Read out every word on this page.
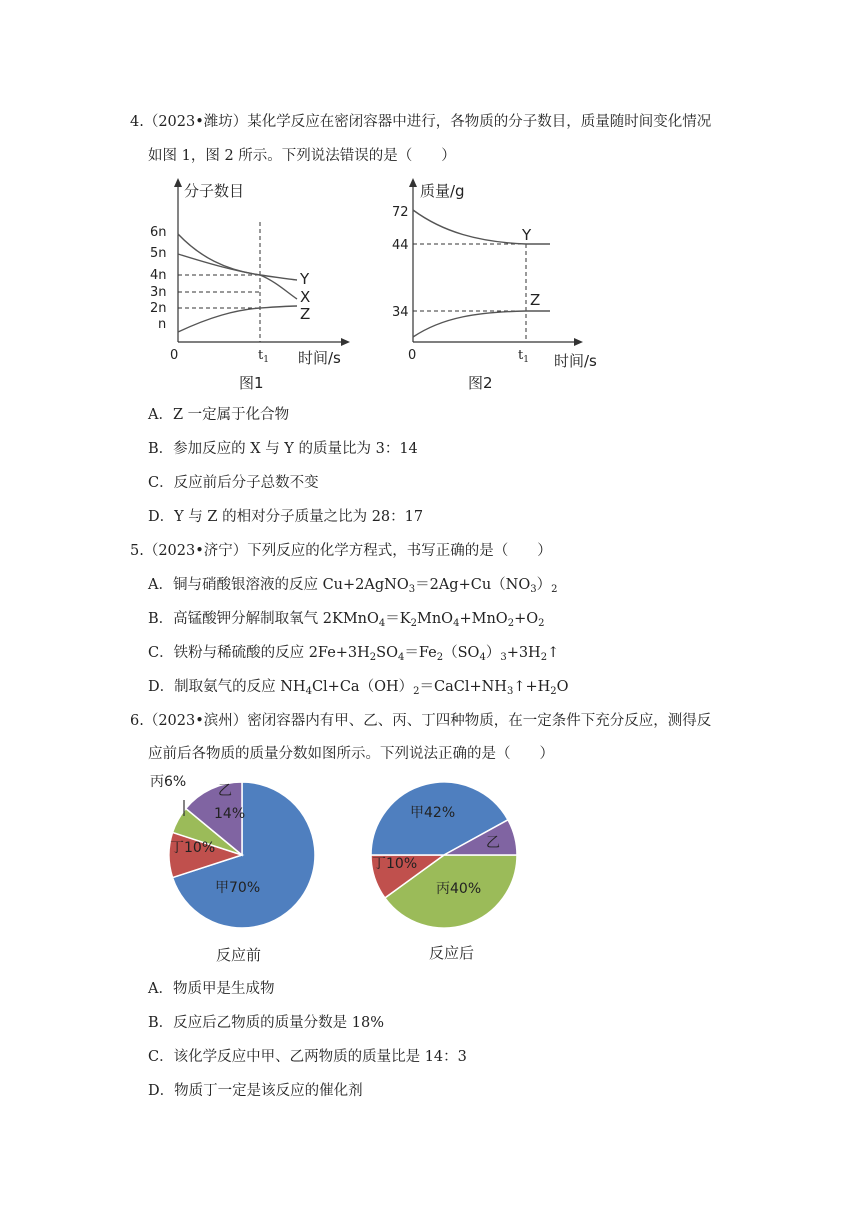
4.（2023•潍坊）某化学反应在密闭容器中进行，各物质的分子数目，质量随时间变化情况
如图 1，图 2 所示。下列说法错误的是（　　）
分子数目
时间/s
0	$t_1$
图1
6n
5n
4n
3n
2n
n
Y
X
Z
质量/g
时间/s
0	$t_1$
图2
72
44
34
Y
Z
A．Z 一定属于化合物
B．参加反应的 X 与 Y 的质量比为 3：14
C．反应前后分子总数不变
D．Y 与 Z 的相对分子质量之比为 28：17
5.（2023•济宁）下列反应的化学方程式，书写正确的是（　　）
A．铜与硝酸银溶液的反应 $Cu+2AgNO_3=2Ag+Cu(NO_3)_2$
B．高锰酸钾分解制取氧气 $2KMnO_4=K_2MnO_4+MnO_2+O_2$
C．铁粉与稀硫酸的反应 $2Fe+3H_2SO_4=Fe_2(SO_4)_3+3H_2↑$
D．制取氨气的反应 $NH_4Cl+Ca(OH)_2=CaCl+NH_3↑+H_2O$
6.（2023•滨州）密闭容器内有甲、乙、丙、丁四种物质，在一定条件下充分反应，测得反
应前后各物质的质量分数如图所示。下列说法正确的是（　　）
甲70%
乙
14%
丙6%
丁10%
甲42%
乙
丙40%
丁10%
反应前	反应后
A．物质甲是生成物
B．反应后乙物质的质量分数是 18%
C．该化学反应中甲、乙两物质的质量比是 14：3
D．物质丁一定是该反应的催化剂
